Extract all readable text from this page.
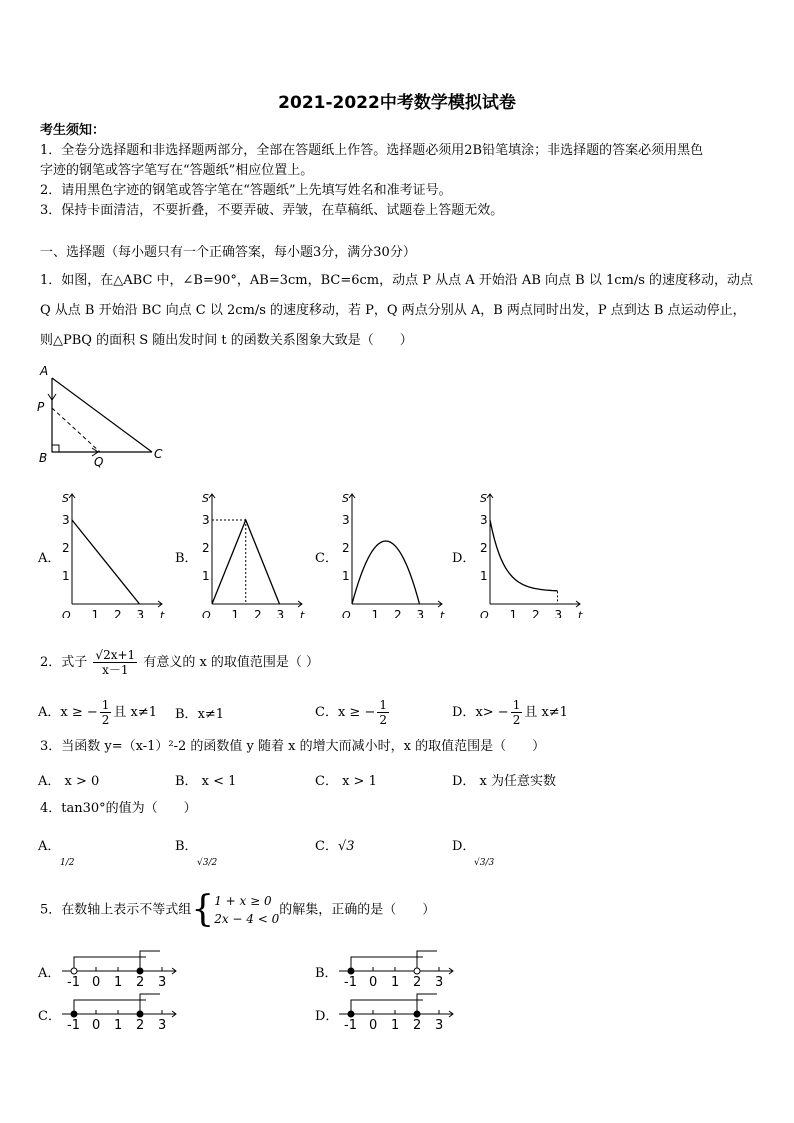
2021-2022中考数学模拟试卷
考生须知：
1．全卷分选择题和非选择题两部分，全部在答题纸上作答。选择题必须用2B铅笔填涂；非选择题的答案必须用黑色
字迹的钢笔或答字笔写在“答题纸”相应位置上。
2．请用黑色字迹的钢笔或答字笔在“答题纸”上先填写姓名和准考证号。
3．保持卡面清洁，不要折叠，不要弄破、弄皱，在草稿纸、试题卷上答题无效。
一、选择题（每小题只有一个正确答案，每小题3分，满分30分）
1．如图，在△ABC 中，∠B=90°，AB=3cm，BC=6cm，动点 P 从点 A 开始沿 AB 向点 B 以 1cm/s 的速度移动，动点
Q 从点 B 开始沿 BC 向点 C 以 2cm/s 的速度移动，若 P，Q 两点分别从 A，B 两点同时出发，P 点到达 B 点运动停止，
则△PBQ 的面积 S 随出发时间 t 的函数关系图象大致是（　　）
A
P
B	Q
C
A．	B．	C．	D．
S
t
O
1
2
3
1 2 3
S
t
O
1
2
3
1 2 3
S
t
O
1
2
3
1 2 3
S
t
O
1
2
3
1 2 3
2．式子 $\frac{√2x+1}{x-1}$ 有意义的 x 的取值范围是（ ）
A．x ≥ − $\frac{1}{2}$ 且 x≠1 B．x≠1	C．x ≥ − $\frac{1}{2}$	D．$x> - \frac{1}{2}$ 且 x≠1
3．当函数 y=（x-1）²-2 的函数值 y 随着 x 的增大而减小时，x 的取值范围是（　　）
A． x > 0	B． x < 1	C． x > 1	D． x 为任意实数
4．tan30°的值为（　　）
A．
1/2
B．
√3/2
C．√3	D．
√3/3
5．在数轴上表示不等式组{1 + x ≥ 0
2x − 4 < 0的解集，正确的是（　　）
A．	B．
C．	D．
-1 0 1 2 3	-1 0 1 2 3
-1 0 1 2 3	-1 0 1 2 3
